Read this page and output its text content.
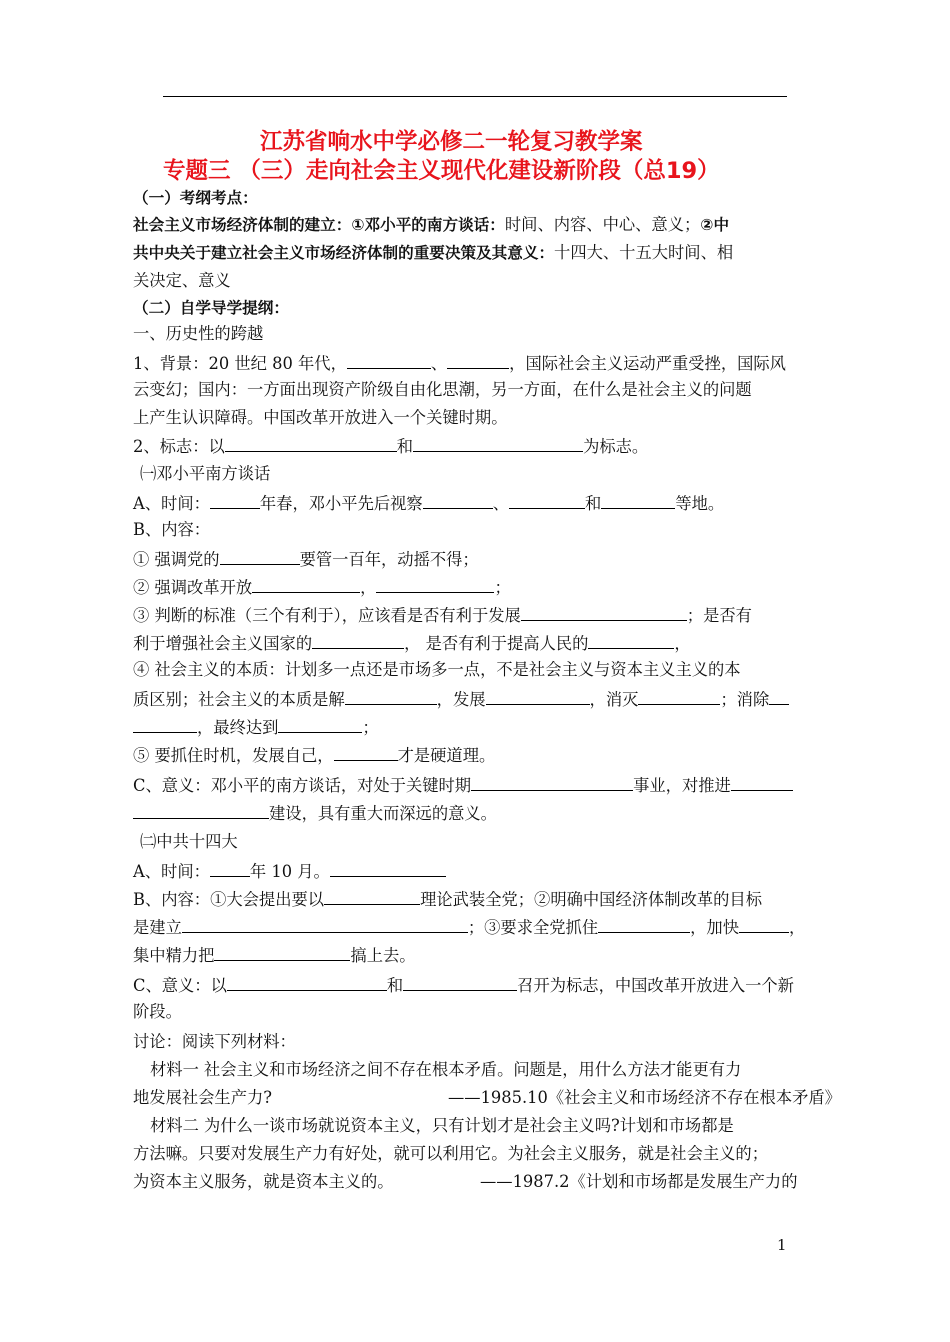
江苏省响水中学必修二一轮复习教学案
专题三 （三）走向社会主义现代化建设新阶段（总19）
（一）考纲考点：
社会主义市场经济体制的建立：①邓小平的南方谈话：时间、内容、中心、意义；②中
共中央关于建立社会主义市场经济体制的重要决策及其意义：十四大、十五大时间、相
关决定、意义
（二）自学导学提纲：
一、历史性的跨越
1、背景：20 世纪 80 年代，	、	，国际社会主义运动严重受挫，国际风
云变幻；国内：一方面出现资产阶级自由化思潮，另一方面，在什么是社会主义的问题
上产生认识障碍。中国改革开放进入一个关键时期。
2、标志：以	和	为标志。
㈠邓小平南方谈话
A、时间：	年春，邓小平先后视察	、	和	等地。
B、内容：
① 强调党的	要管一百年，动摇不得；
② 强调改革开放	，	；
③ 判断的标准（三个有利于），应该看是否有利于发展	；是否有
利于增强社会主义国家的	， 是否有利于提高人民的	，
④ 社会主义的本质：计划多一点还是市场多一点，不是社会主义与资本主义主义的本
质区别；社会主义的本质是解	，发展	，消灭	；消除
，最终达到	；
⑤ 要抓住时机，发展自己，	才是硬道理。
C、意义：邓小平的南方谈话，对处于关键时期	事业，对推进
建设，具有重大而深远的意义。
㈡中共十四大
A、时间： 年 10 月。
B、内容：①大会提出要以	理论武装全党；②明确中国经济体制改革的目标
是建立	；③要求全党抓住	，加快	，
集中精力把	搞上去。
C、意义：以	和	召开为标志，中国改革开放进入一个新
阶段。
讨论：阅读下列材料：
材料一 社会主义和市场经济之间不存在根本矛盾。问题是，用什么方法才能更有力
地发展社会生产力?	——1985.10《社会主义和市场经济不存在根本矛盾》
材料二 为什么一谈市场就说资本主义，只有计划才是社会主义吗?计划和市场都是
方法嘛。只要对发展生产力有好处，就可以利用它。为社会主义服务，就是社会主义的；
为资本主义服务，就是资本主义的。	——1987.2《计划和市场都是发展生产力的
1
